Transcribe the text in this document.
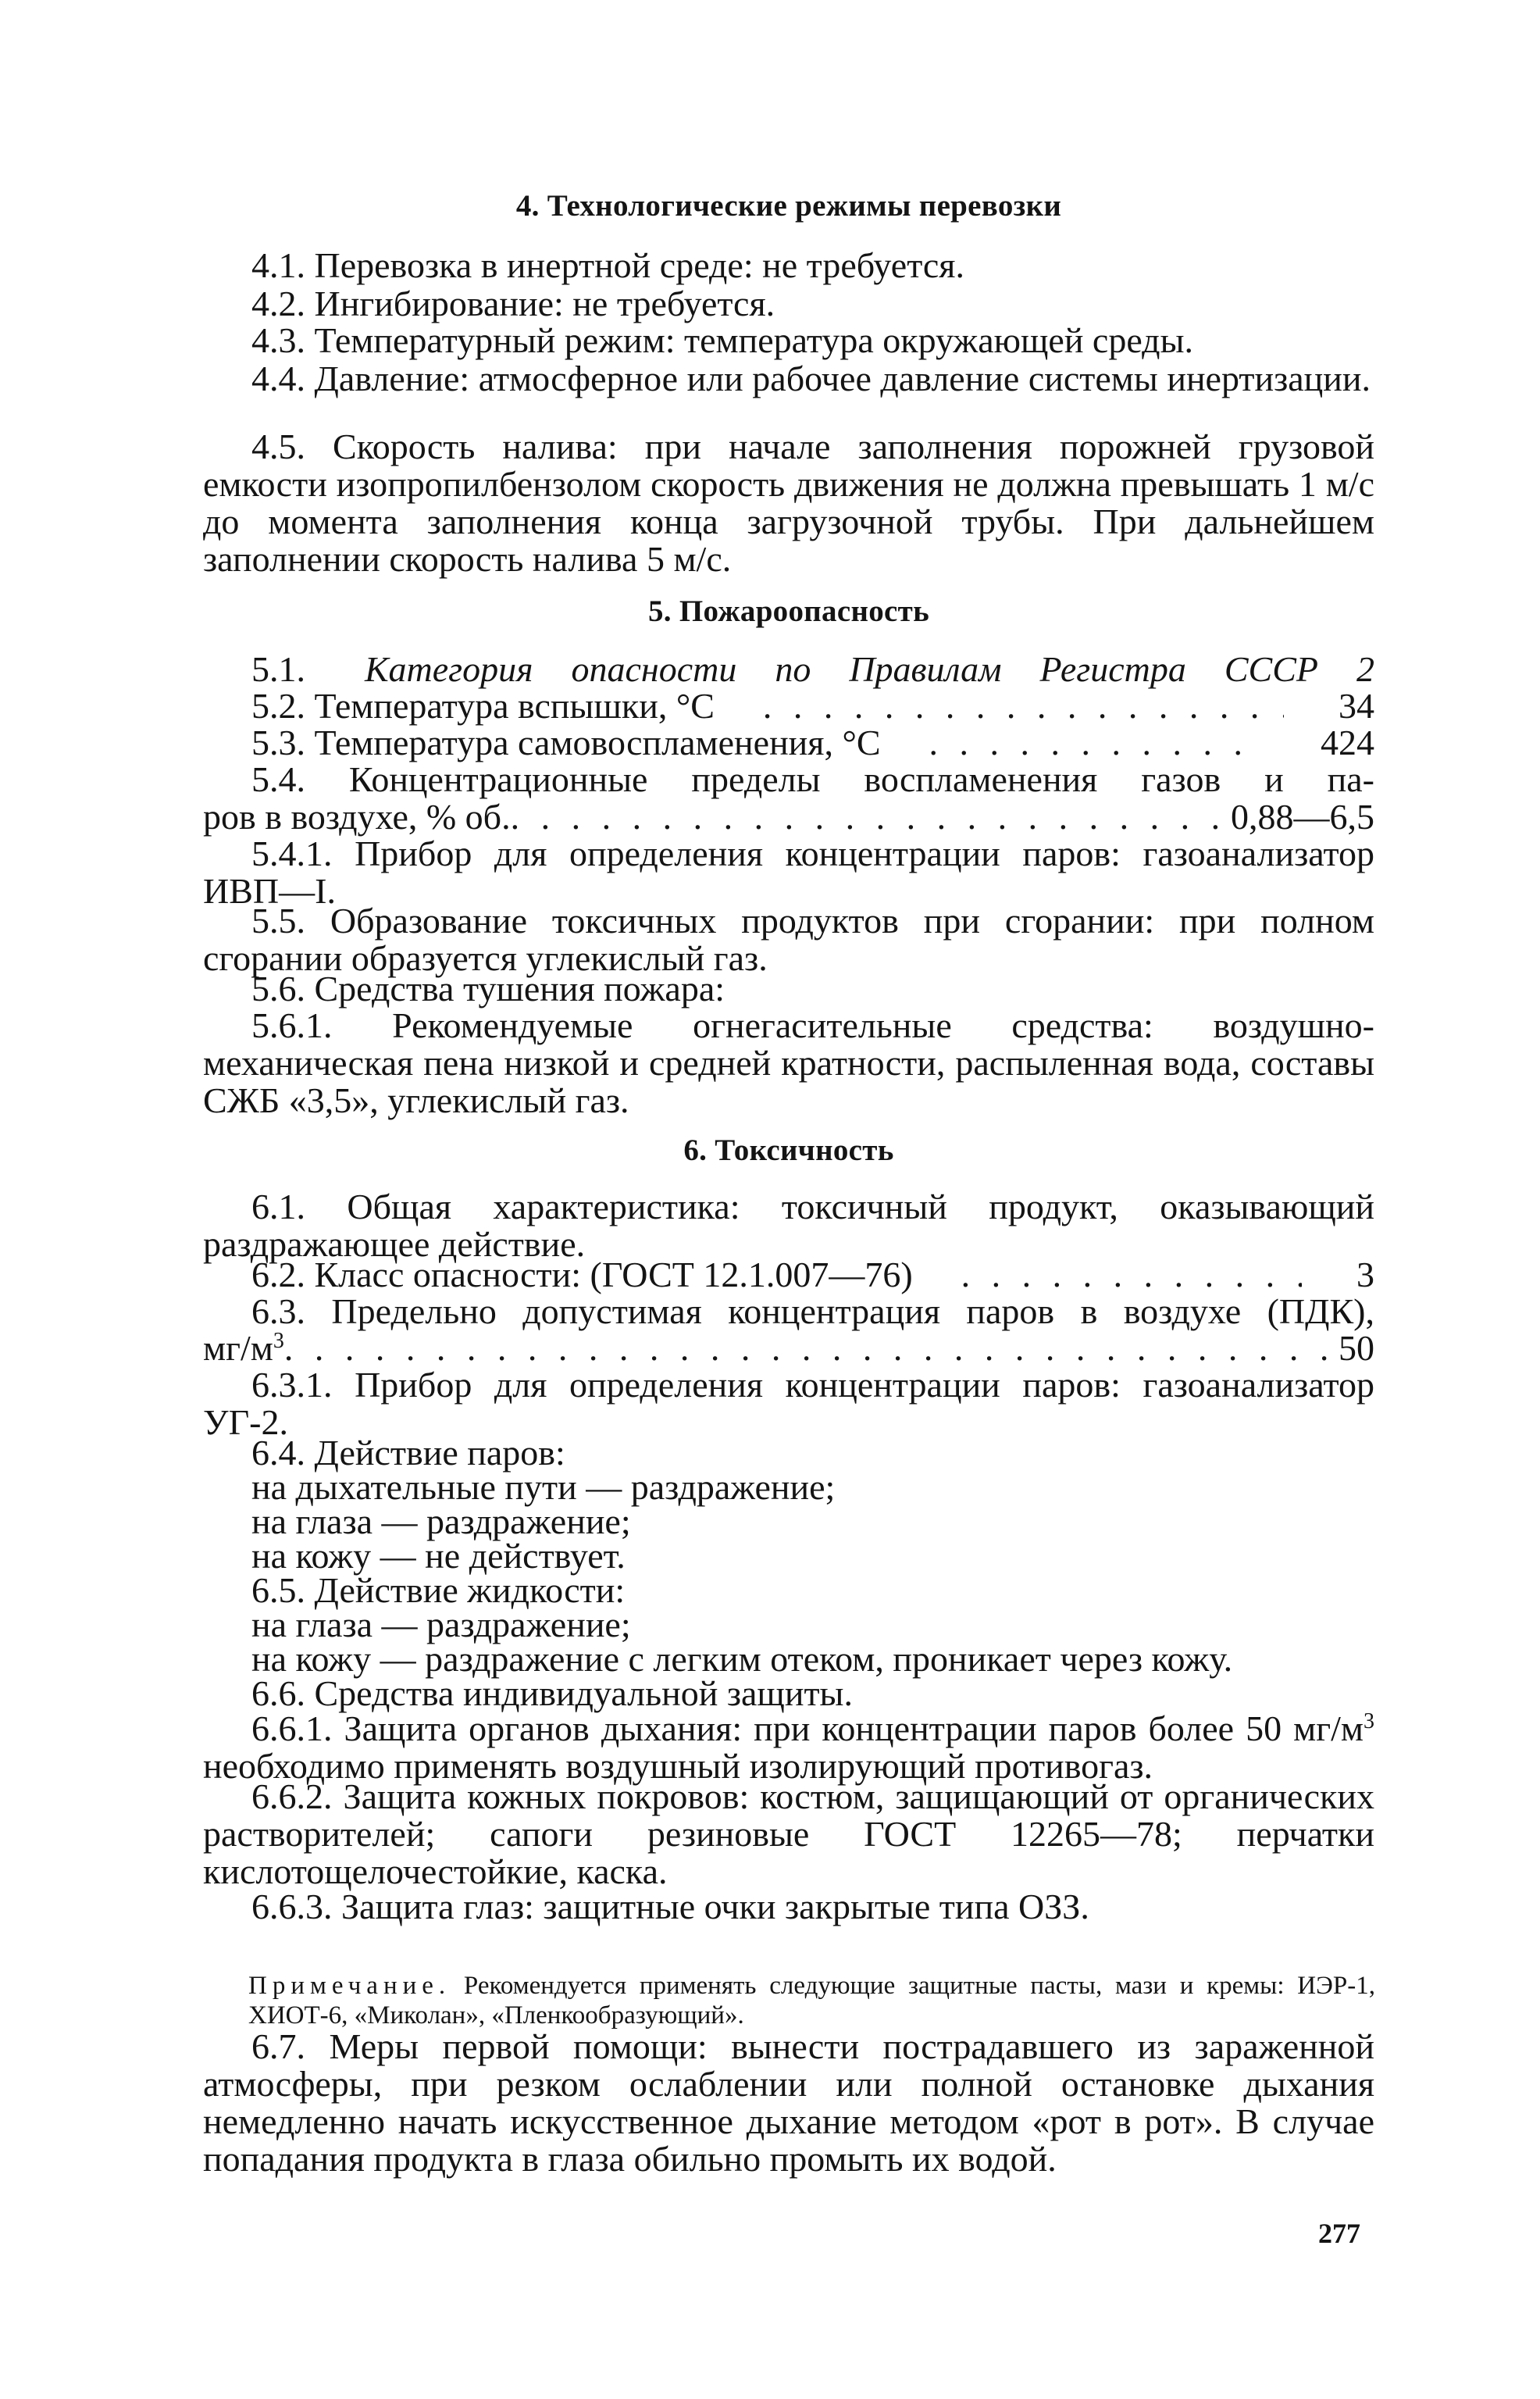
4. Технологические режимы перевозки

4.1. Перевозка в инертной среде: не требуется.

4.2. Ингибирование: не требуется.

4.3. Температурный режим: температура окружающей среды.

4.4. Давление: атмосферное или рабочее давление системы инертизации.

4.5. Скорость налива: при начале заполнения порожней грузовой емкости изопропилбензолом скорость движения не должна превышать 1 м/с до момента заполнения конца загрузочной трубы. При дальнейшем заполнении скорость налива 5 м/с.

5. Пожароопасность

5.1.	Категория опасности по Правилам Регистра СССР 2

5.2. Температура вспышки, °С . . .	34

5.3. Температура самовоспламенения, °С . . .	424

5.4. Концентрационные пределы воспламенения газов и па-

ров в воздухе, % об. . . .	0,88—6,5

5.4.1. Прибор для определения концентрации паров: газоанализатор ИВП—I.

5.5. Образование токсичных продуктов при сгорании: при полном сгорании образуется углекислый газ.

5.6. Средства тушения пожара:

5.6.1. Рекомендуемые огнегасительные средства: воздушно-механическая пена низкой и средней кратности, распыленная вода, составы СЖБ «3,5», углекислый газ.

6. Токсичность

6.1. Общая характеристика: токсичный продукт, оказывающий раздражающее действие.

6.2. Класс опасности: (ГОСТ 12.1.007—76) . . .	3

6.3. Предельно допустимая концентрация паров в воздухе (ПДК),

$мг/м^3$ . . .	50

6.3.1. Прибор для определения концентрации паров: газоанализатор УГ-2.

6.4. Действие паров:

на дыхательные пути — раздражение;

на глаза — раздражение;

на кожу — не действует.

6.5. Действие жидкости:

на глаза — раздражение;

на кожу — раздражение с легким отеком, проникает через кожу.

6.6. Средства индивидуальной защиты.

6.6.1. Защита органов дыхания: при концентрации паров более 50 $мг/м^3$ необходимо применять воздушный изолирующий противогаз.

6.6.2. Защита кожных покровов: костюм, защищающий от органических растворителей; сапоги резиновые ГОСТ 12265—78; перчатки кислотощелочестойкие, каска.

6.6.3. Защита глаз: защитные очки закрытые типа ОЗЗ.

Примечание. Рекомендуется применять следующие защитные пасты, мази и кремы: ИЭР-1, ХИОТ-6, «Миколан», «Пленкообразующий».

6.7. Меры первой помощи: вынести пострадавшего из зараженной атмосферы, при резком ослаблении или полной остановке дыхания немедленно начать искусственное дыхание методом «рот в рот». В случае попадания продукта в глаза обильно промыть их водой.

277
